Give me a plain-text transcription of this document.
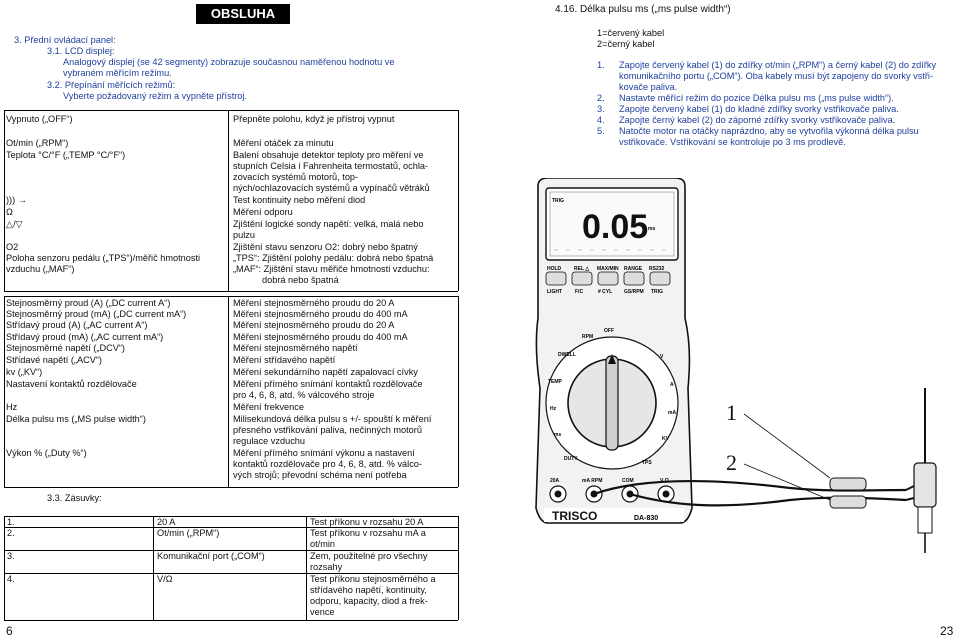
OBSLUHA
3. Přední ovládací panel:
3.1. LCD displej:
Analogový displej (se 42 segmenty) zobrazuje současnou naměřenou hodnotu ve
vybraném měřícím režimu.
3.2. Přepínání měřících režimů:
Vyberte požadovaný režim a vypněte přístroj.
Vypnuto („OFF“)	Přepněte polohu, když je přístroj vypnut
Ot/min („RPM“)	Měření otáček za minutu
Teplota °C/°F („TEMP °C/°F“)	Balení obsahuje detektor teploty pro měření ve
stupních Celsia i Fahrenheita termostatů, ochla-
zovacích systémů motorů, top-
ných/ochlazovacích systémů a vypínačů větráků
))) →	Test kontinuity nebo měření diod
Ω	Měření odporu
△/▽	Zjištění logické sondy napětí: velká, malá nebo
pulzu
O2	Zjištění stavu senzoru O2: dobrý nebo špatný
Poloha senzoru pedálu („TPS“)/měřič hmotnosti	„TPS“: Zjištění polohy pedálu: dobrá nebo špatná
vzduchu („MAF“)	„MAF“: Zjištění stavu měřiče hmotnosti vzduchu:
dobrá nebo špatná
Stejnosměrný proud (A) („DC current A“)	Měření stejnosměrného proudu do 20 A
Stejnosměrný proud (mA) („DC current mA“)	Měření stejnosměrného proudu do 400 mA
Střídavý proud (A) („AC current A“)	Měření stejnosměrného proudu do 20 A
Střídavý proud (mA) („AC current mA“)	Měření stejnosměrného proudu do 400 mA
Stejnosměrné napětí („DCV“)	Měření stejnosměrného napětí
Střídavé napětí („ACV“)	Měření střídavého napětí
kv („KV“)	Měření sekundárního napětí zapalovací cívky
Nastavení kontaktů rozdělovače	Měření přímého snímání kontaktů rozdělovače
pro 4, 6, 8, atd. % válcového stroje
Hz	Měření frekvence
Délka pulsu ms („MS pulse width“)	Milisekundová délka pulsu s +/- spouští k měření
přesného vstřikování paliva, nečinných motorů
regulace vzduchu
Výkon % („Duty %“)	Měření přímého snímání výkonu a nastavení
kontaktů rozdělovače pro 4, 6, 8, atd. % válco-
vých strojů; převodní schéma není potřeba
3.3. Zásuvky:
1.	20 A	Test příkonu v rozsahu 20 A
2.	Ot/min („RPM“)	Test příkonu v rozsahu mA a
ot/min
3.	Komunikační port („COM“)	Zem, použitelné pro všechny
rozsahy
4.	V/Ω	Test příkonu stejnosměrného a
střídavého napětí, kontinuity,
odporu, kapacity, diod a frek-
vence
6
4.16. Délka pulsu ms („ms pulse width“)
1=červený kabel
2=černý kabel
1. Zapojte červený kabel (1) do zdířky ot/min („RPM“) a černý kabel (2) do zdířky
komunikačního portu („COM“). Oba kabely musí být zapojeny do svorky vstři-
kovače paliva.
2. Nastavte měřící režim do pozice Délka pulsu ms („ms pulse width“).
3. Zapojte červený kabel (1) do kladné zdířky svorky vstřikovače paliva.
4. Zapojte černý kabel (2) do záporné zdířky svorky vstřikovače paliva.
5. Natočte motor na otáčky naprázdno, aby se vytvořila výkonná délka pulsu
vstřikovače. Vstřikování se kontroluje po 3 ms prodlevě.
TRIG
0.05 ms
HOLD	REL △ MAX/MIN RANGE RS232
LIGHT	F/C	# CYL GS/RPM TRIG
OFF
RPM
DWELL
TEMP
Hz
ms
DUTY
V
A
mA
KV
TPS
20A	mA RPM	COM	V Ω
TRISCO	DA-830
1
2
23
